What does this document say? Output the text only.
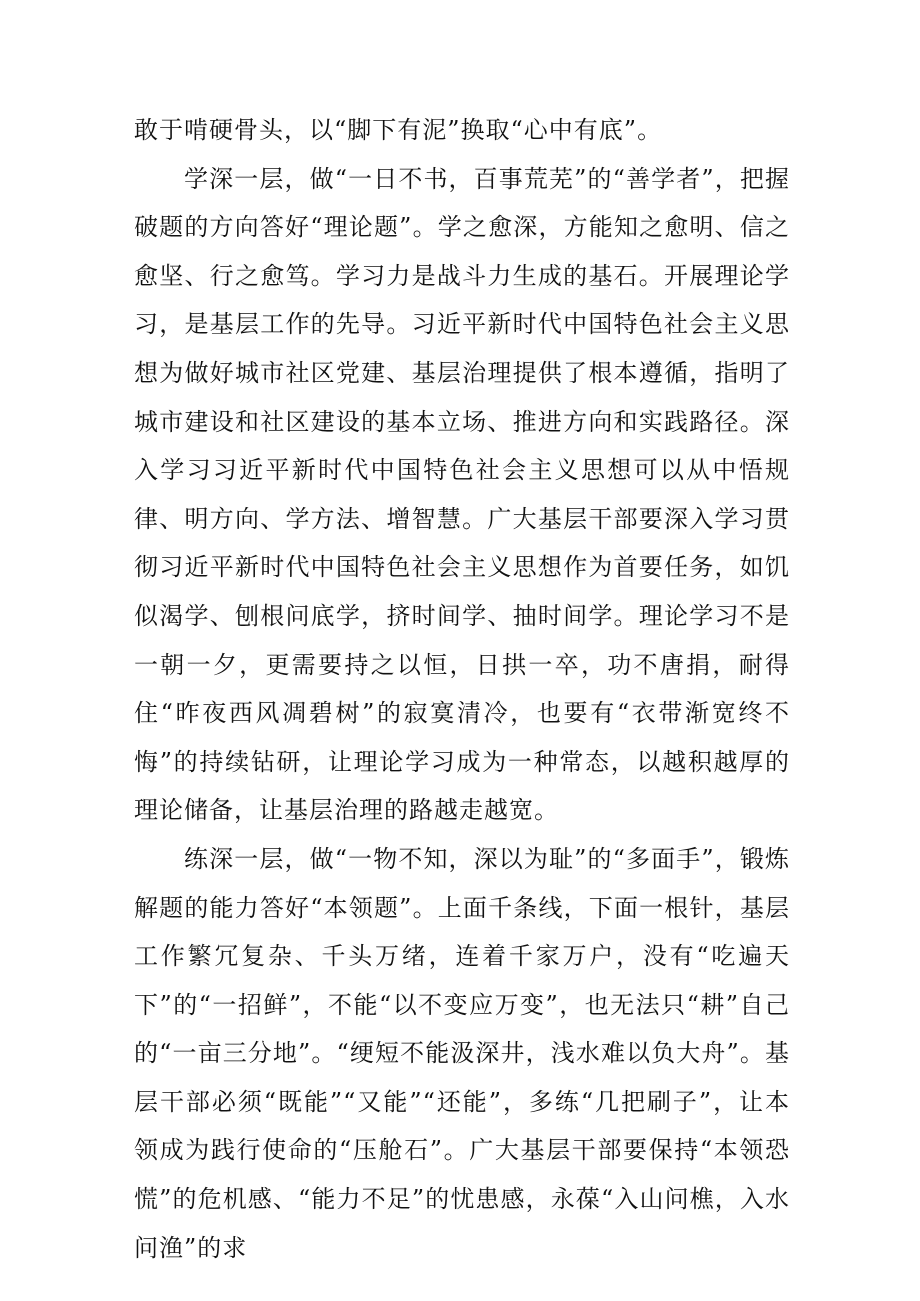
敢于啃硬骨头，以“脚下有泥”换取“心中有底”。

学深一层，做“一日不书，百事荒芜”的“善学者”，把握破题的方向答好“理论题”。学之愈深，方能知之愈明、信之愈坚、行之愈笃。学习力是战斗力生成的基石。开展理论学习，是基层工作的先导。习近平新时代中国特色社会主义思想为做好城市社区党建、基层治理提供了根本遵循，指明了城市建设和社区建设的基本立场、推进方向和实践路径。深入学习习近平新时代中国特色社会主义思想可以从中悟规律、明方向、学方法、增智慧。广大基层干部要深入学习贯彻习近平新时代中国特色社会主义思想作为首要任务，如饥似渴学、刨根问底学，挤时间学、抽时间学。理论学习不是一朝一夕，更需要持之以恒，日拱一卒，功不唐捐，耐得住“昨夜西风凋碧树”的寂寞清冷，也要有“衣带渐宽终不悔”的持续钻研，让理论学习成为一种常态，以越积越厚的理论储备，让基层治理的路越走越宽。

练深一层，做“一物不知，深以为耻”的“多面手”，锻炼解题的能力答好“本领题”。上面千条线，下面一根针，基层工作繁冗复杂、千头万绪，连着千家万户，没有“吃遍天下”的“一招鲜”，不能“以不变应万变”，也无法只“耕”自己的“一亩三分地”。“绠短不能汲深井，浅水难以负大舟”。基层干部必须“既能”“又能”“还能”，多练“几把刷子”，让本领成为践行使命的“压舱石”。广大基层干部要保持“本领恐慌”的危机感、“能力不足”的忧患感，永葆“入山问樵，入水问渔”的求
